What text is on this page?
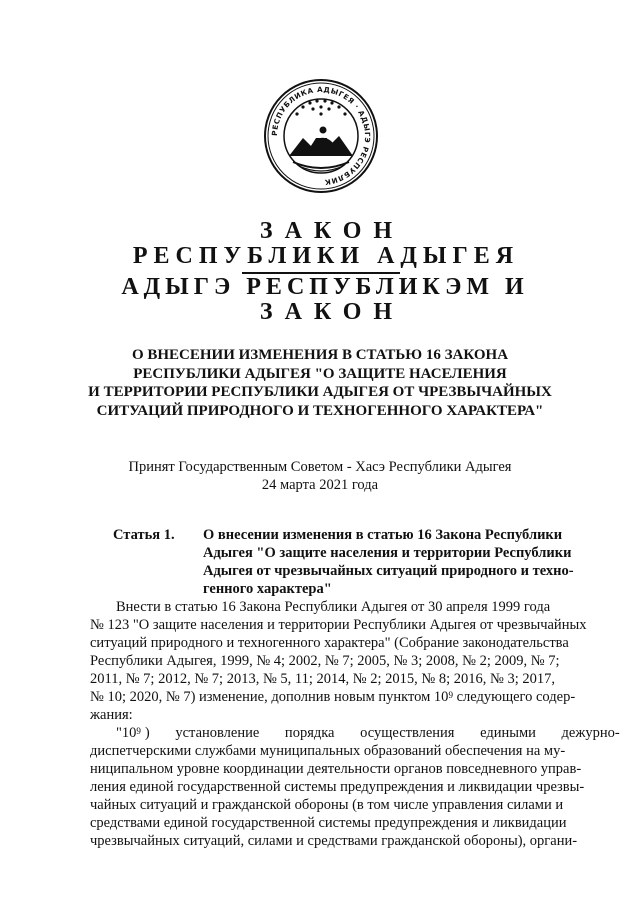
РЕСПУБЛИКА АДЫГЕЯ · АДЫГЭ РЕСПУБЛИК
ЗАКОН
РЕСПУБЛИКИ АДЫГЕЯ
АДЫГЭ РЕСПУБЛИКЭМ И
ЗАКОН
О ВНЕСЕНИИ ИЗМЕНЕНИЯ В СТАТЬЮ 16 ЗАКОНА
РЕСПУБЛИКИ АДЫГЕЯ "О ЗАЩИТЕ НАСЕЛЕНИЯ
И ТЕРРИТОРИИ РЕСПУБЛИКИ АДЫГЕЯ ОТ ЧРЕЗВЫЧАЙНЫХ
СИТУАЦИЙ ПРИРОДНОГО И ТЕХНОГЕННОГО ХАРАКТЕРА"
Принят Государственным Советом - Хасэ Республики Адыгея
24 марта 2021 года
Статья 1. О внесении изменения в статью 16 Закона Республики
Адыгея "О защите населения и территории Республики
Адыгея от чрезвычайных ситуаций природного и техно-
генного характера"
Внести в статью 16 Закона Республики Адыгея от 30 апреля 1999 года
№ 123 "О защите населения и территории Республики Адыгея от чрезвычайных
ситуаций природного и техногенного характера" (Собрание законодательства
Республики Адыгея, 1999, № 4; 2002, № 7; 2005, № 3; 2008, № 2; 2009, № 7;
2011, № 7; 2012, № 7; 2013, № 5, 11; 2014, № 2; 2015, № 8; 2016, № 3; 2017,
№ 10; 2020, № 7) изменение, дополнив новым пунктом $10^9$ следующего содер-
жания:
"$10^9$ ) установление порядка осуществления едиными дежурно-
диспетчерскими службами муниципальных образований обеспечения на му-
ниципальном уровне координации деятельности органов повседневного управ-
ления единой государственной системы предупреждения и ликвидации чрезвы-
чайных ситуаций и гражданской обороны (в том числе управления силами и
средствами единой государственной системы предупреждения и ликвидации
чрезвычайных ситуаций, силами и средствами гражданской обороны), органи-
